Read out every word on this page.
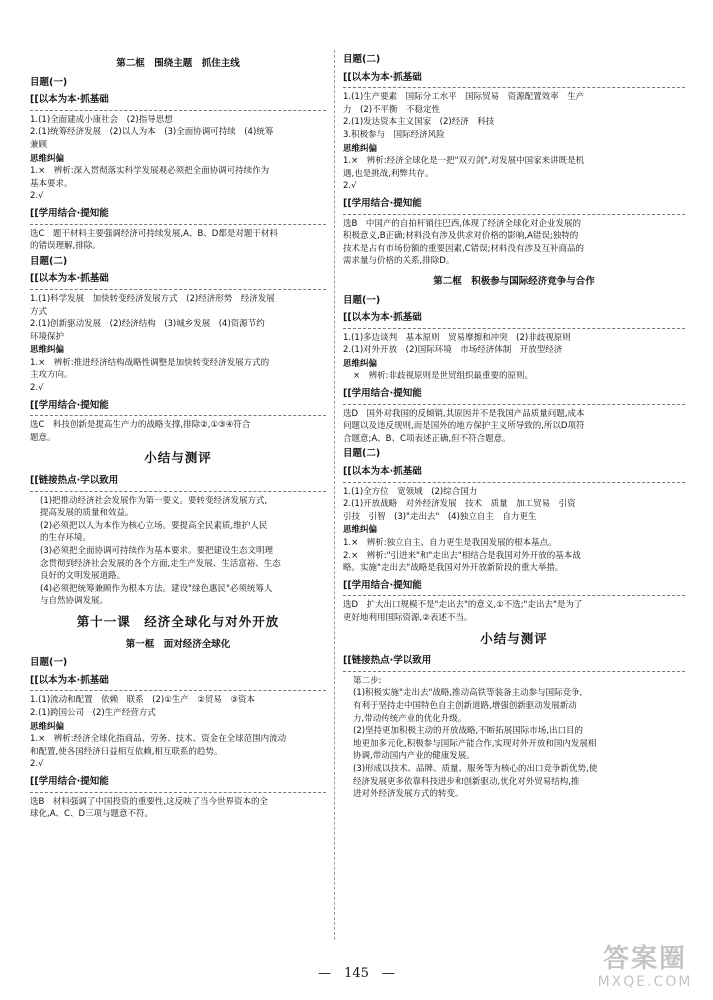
第二框　围绕主题　抓住主线
目题(一)
[ [以本为本·抓基础

1.(1)全面建成小康社会　(2)指导思想

2.(1)统筹经济发展　(2)以人为本　(3)全面协调可持续　(4)统筹
兼顾

思维纠偏

1.×　辨析:深入贯彻落实科学发展观必须把全面协调可持续作为
基本要求。

2.√

[ [学用结合·提知能

选C　题干材料主要强调经济可持续发展,A、B、D都是对题干材料
的错误理解,排除。

目题(二)
[ [以本为本·抓基础

1.(1)科学发展　加快转变经济发展方式　(2)经济形势　经济发展
方式

2.(1)创新驱动发展　(2)经济结构　(3)城乡发展　(4)资源节约
环境保护

思维纠偏

1.×　辨析:推进经济结构战略性调整是加快转变经济发展方式的
主攻方向。

2.√

[ [学用结合·提知能

选C　科技创新是提高生产力的战略支撑,排除②,①③④符合
题意。

小结与测评
[ [链接热点·学以致用

(1)把推动经济社会发展作为第一要义。要转变经济发展方式,
提高发展的质量和效益。

(2)必须把以人为本作为核心立场。要提高全民素质,维护人民
的生存环境。

(3)必须把全面协调可持续作为基本要求。要把建设生态文明理
念贯彻到经济社会发展的各个方面,走生产发展、生活富裕、生态
良好的文明发展道路。

(4)必须把统筹兼顾作为根本方法。建设"绿色惠民"必须统筹人
与自然协调发展。

第十一课　经济全球化与对外开放
第一框　面对经济全球化
目题(一)
[ [以本为本·抓基础

1.(1)流动和配置　依赖　联系　(2)①生产　②贸易　③资本

2.(1)跨国公司　(2)生产经营方式

思维纠偏

1.×　辨析:经济全球化指商品、劳务、技术、资金在全球范围内流动
和配置,使各国经济日益相互依赖,相互联系的趋势。

2.√

[ [学用结合·提知能

选B　材料强调了中国投资的重要性,这反映了当今世界资本的全
球化,A、C、D三项与题意不符。

目题(二)
[ [以本为本·抓基础

1.(1)生产要素　国际分工水平　国际贸易　资源配置效率　生产
力　(2)不平衡　不稳定性

2.(1)发达资本主义国家　(2)经济　科技

3.积极参与　国际经济风险

思维纠偏

1.×　辨析:经济全球化是一把"双刃剑",对发展中国家来讲既是机
遇,也是挑战,利弊共存。

2.√

[ [学用结合·提知能

选B　中国产的自拍杆销往巴西,体现了经济全球化对企业发展的
积极意义,B正确;材料没有涉及供求对价格的影响,A错误;独特的
技术是占有市场份额的重要因素,C错误;材料没有涉及互补商品的
需求量与价格的关系,排除D。

第二框　积极参与国际经济竞争与合作
目题(一)
[ [以本为本·抓基础

1.(1)多边谈判　基本原则　贸易摩擦和冲突　(2)非歧视原则

2.(1)对外开放　(2)国际环境　市场经济体制　开放型经济

思维纠偏

×　辨析:非歧视原则是世贸组织最重要的原则。

[ [学用结合·提知能

选D　国外对我国的反倾销,其原因并不是我国产品质量问题,成本
问题以及违反规则,而是国外的地方保护主义所导致的,所以D项符
合题意;A、B、C项表述正确,但不符合题意。

目题(二)
[ [以本为本·抓基础

1.(1)全方位　宽领域　(2)综合国力

2.(1)开放战略　对外经济发展　技术　质量　加工贸易　引资
引技　引智　(3)"走出去"　(4)独立自主　自力更生

思维纠偏

1.×　辨析:独立自主、自力更生是我国发展的根本基点。

2.×　辨析:"引进来"和"走出去"相结合是我国对外开放的基本战
略。实施"走出去"战略是我国对外开放新阶段的重大举措。

[ [学用结合·提知能

选D　扩大出口规模不是"走出去"的意义,①不选;"走出去"是为了
更好地利用国际资源,②表述不当。

小结与测评
[ [链接热点·学以致用

第二步:

(1)积极实施"走出去"战略,推动高铁等装备主动参与国际竞争,
有利于坚持走中国特色自主创新道路,增强创新驱动发展新动
力,带动传统产业的优化升级。

(2)坚持更加积极主动的开放战略,不断拓展国际市场,出口目的
地更加多元化,积极参与国际产能合作,实现对外开放和国内发展相
协调,带动国内产业的健康发展。

(3)形成以技术、品牌、质量、服务等为核心的出口竞争新优势,使
经济发展更多依靠科技进步和创新驱动,优化对外贸易结构,推
进对外经济发展方式的转变。

—　145　—	答案圈
MXQE.COM
